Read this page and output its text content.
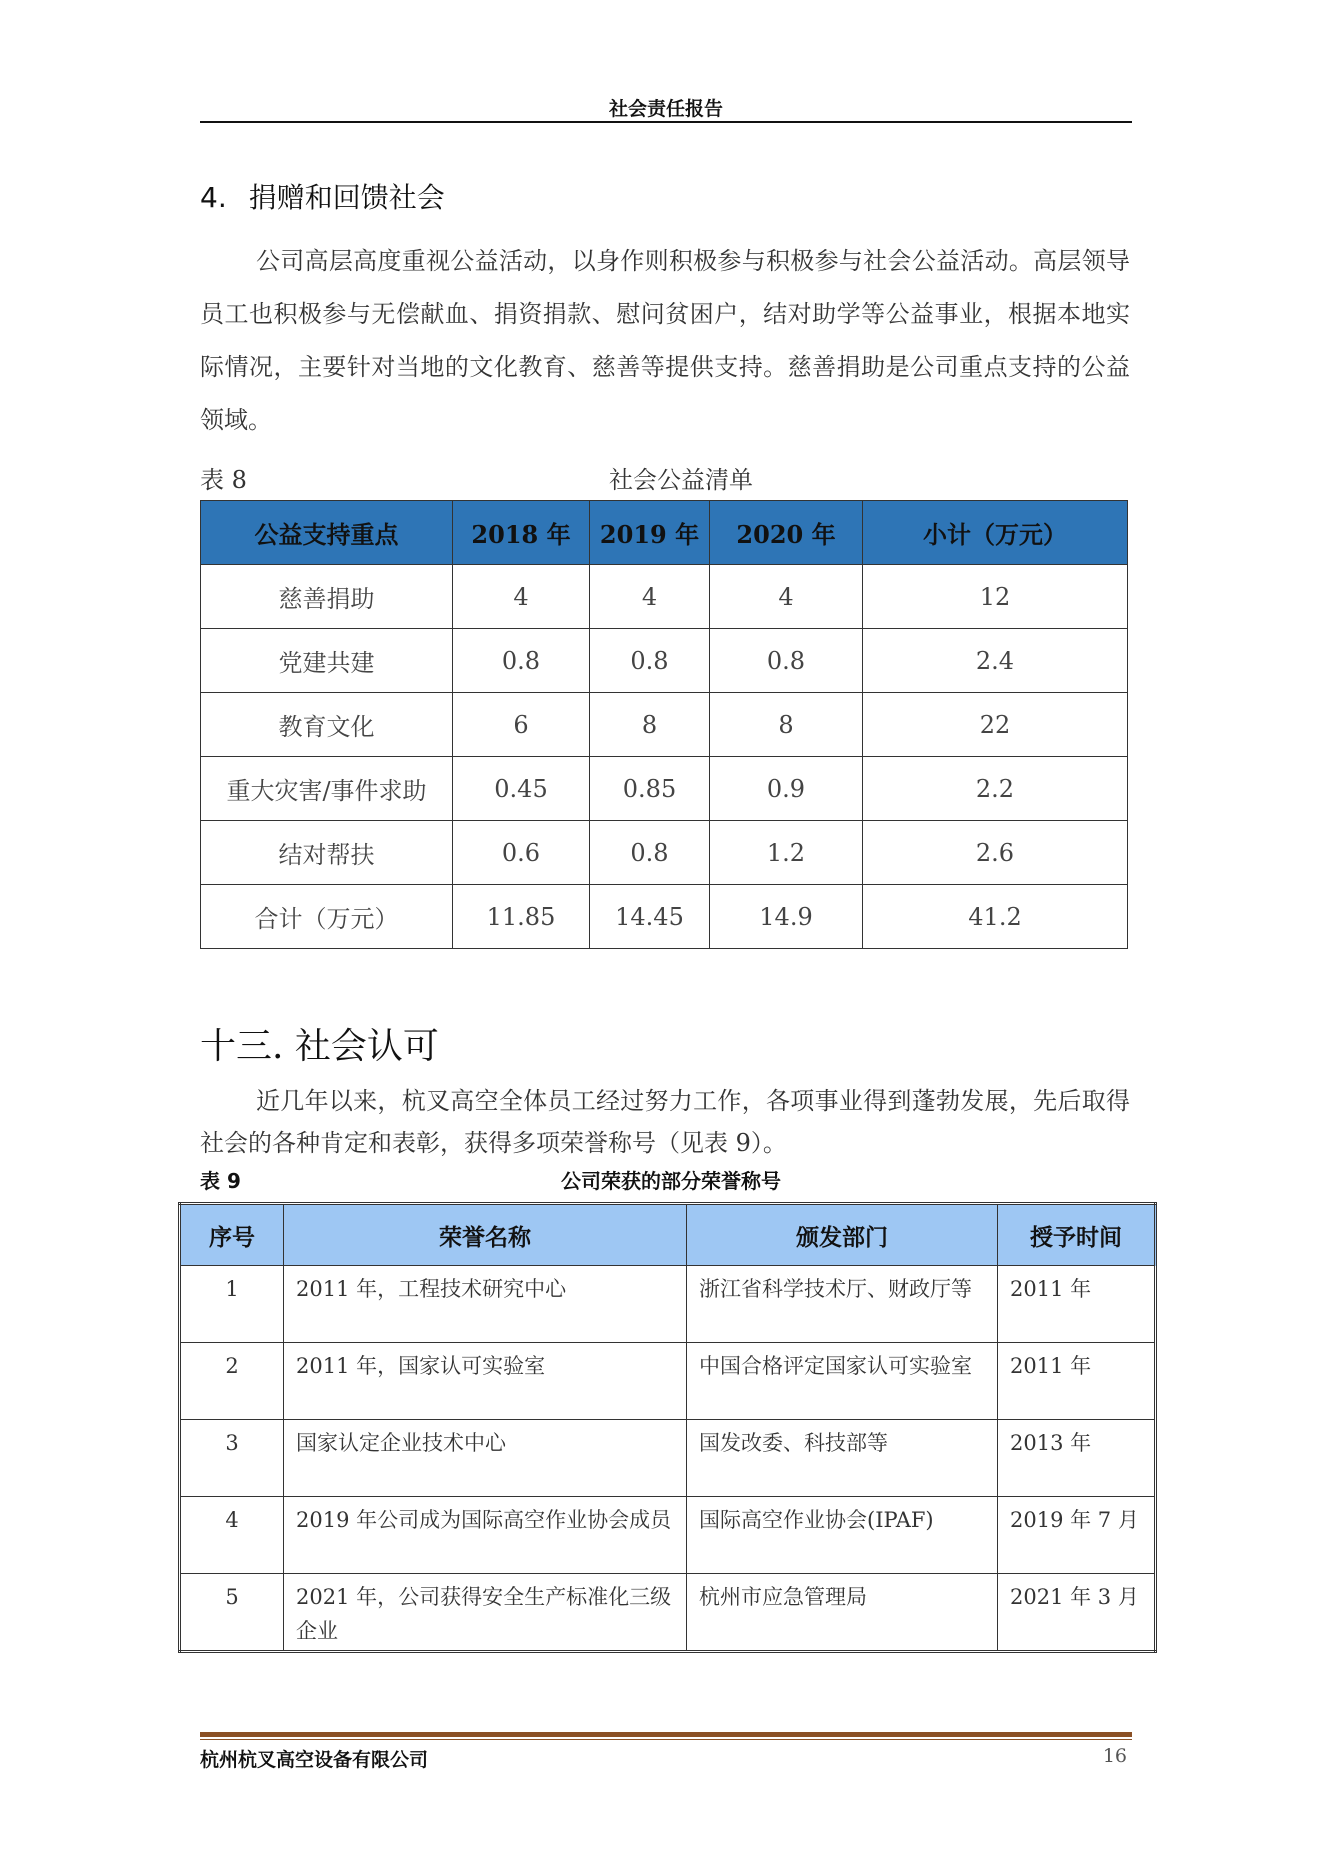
社会责任报告
4. 捐赠和回馈社会
公司高层高度重视公益活动，以身作则积极参与积极参与社会公益活动。高层领导员工也积极参与无偿献血、捐资捐款、慰问贫困户，结对助学等公益事业，根据本地实际情况，主要针对当地的文化教育、慈善等提供支持。慈善捐助是公司重点支持的公益领域。
表 8	社会公益清单
公益支持重点	2018 年	2019 年	2020 年	小计（万元）
慈善捐助	4	4	4	12
党建共建	0.8	0.8	0.8	2.4
教育文化	6	8	8	22
重大灾害/事件求助	0.45	0.85	0.9	2.2
结对帮扶	0.6	0.8	1.2	2.6
合计（万元）	11.85	14.45	14.9	41.2
十三. 社会认可
近几年以来，杭叉高空全体员工经过努力工作，各项事业得到蓬勃发展，先后取得社会的各种肯定和表彰，获得多项荣誉称号（见表 9）。
表 9	公司荣获的部分荣誉称号
序号	荣誉名称	颁发部门	授予时间
1	2011 年，工程技术研究中心	浙江省科学技术厅、财政厅等	2011 年
2	2011 年，国家认可实验室	中国合格评定国家认可实验室	2011 年
3	国家认定企业技术中心	国发改委、科技部等	2013 年
4	2019 年公司成为国际高空作业协会成员	国际高空作业协会(IPAF)	2019 年 7 月
5	2021 年，公司获得安全生产标准化三级企业	杭州市应急管理局	2021 年 3 月
杭州杭叉高空设备有限公司	16
